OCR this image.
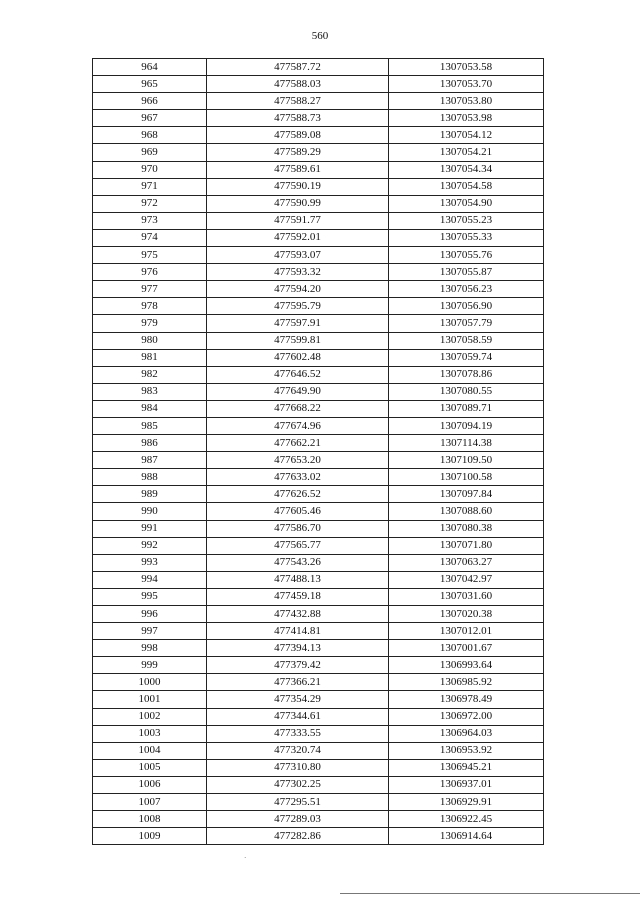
560
964	477587.72	1307053.58
965	477588.03	1307053.70
966	477588.27	1307053.80
967	477588.73	1307053.98
968	477589.08	1307054.12
969	477589.29	1307054.21
970	477589.61	1307054.34
971	477590.19	1307054.58
972	477590.99	1307054.90
973	477591.77	1307055.23
974	477592.01	1307055.33
975	477593.07	1307055.76
976	477593.32	1307055.87
977	477594.20	1307056.23
978	477595.79	1307056.90
979	477597.91	1307057.79
980	477599.81	1307058.59
981	477602.48	1307059.74
982	477646.52	1307078.86
983	477649.90	1307080.55
984	477668.22	1307089.71
985	477674.96	1307094.19
986	477662.21	1307114.38
987	477653.20	1307109.50
988	477633.02	1307100.58
989	477626.52	1307097.84
990	477605.46	1307088.60
991	477586.70	1307080.38
992	477565.77	1307071.80
993	477543.26	1307063.27
994	477488.13	1307042.97
995	477459.18	1307031.60
996	477432.88	1307020.38
997	477414.81	1307012.01
998	477394.13	1307001.67
999	477379.42	1306993.64
1000	477366.21	1306985.92
1001	477354.29	1306978.49
1002	477344.61	1306972.00
1003	477333.55	1306964.03
1004	477320.74	1306953.92
1005	477310.80	1306945.21
1006	477302.25	1306937.01
1007	477295.51	1306929.91
1008	477289.03	1306922.45
1009	477282.86	1306914.64
·
